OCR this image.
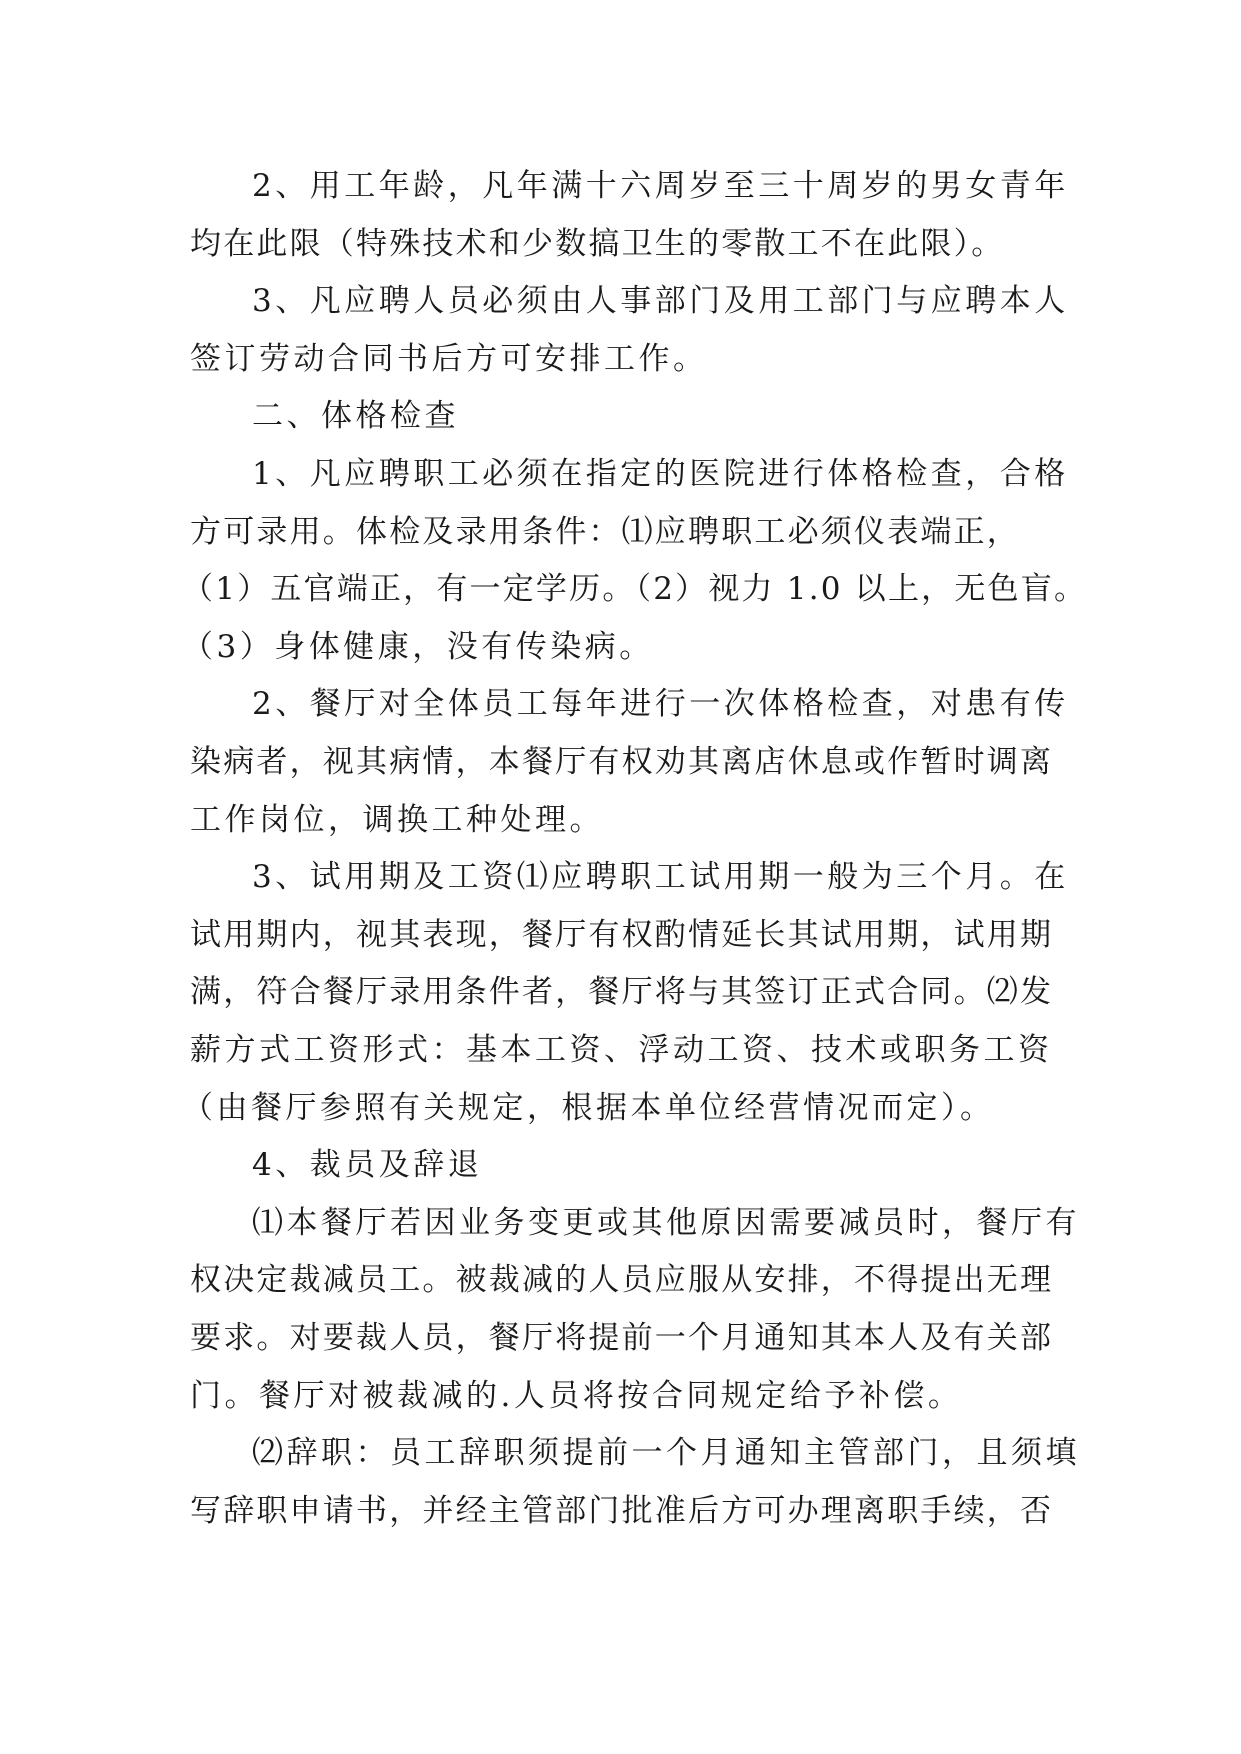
2、用工年龄，凡年满十六周岁至三十周岁的男女青年
均在此限（特殊技术和少数搞卫生的零散工不在此限）。
3、凡应聘人员必须由人事部门及用工部门与应聘本人
签订劳动合同书后方可安排工作。
二、体格检查
1、凡应聘职工必须在指定的医院进行体格检查，合格
方可录用。体检及录用条件：⑴应聘职工必须仪表端正，
（1）五官端正，有一定学历。（2）视力 1.0 以上，无色盲。
（3）身体健康，没有传染病。
2、餐厅对全体员工每年进行一次体格检查，对患有传
染病者，视其病情，本餐厅有权劝其离店休息或作暂时调离
工作岗位，调换工种处理。
3、试用期及工资⑴应聘职工试用期一般为三个月。在
试用期内，视其表现，餐厅有权酌情延长其试用期，试用期
满，符合餐厅录用条件者，餐厅将与其签订正式合同。⑵发
薪方式工资形式：基本工资、浮动工资、技术或职务工资
（由餐厅参照有关规定，根据本单位经营情况而定）。
4、裁员及辞退
⑴本餐厅若因业务变更或其他原因需要减员时，餐厅有
权决定裁减员工。被裁减的人员应服从安排，不得提出无理
要求。对要裁人员，餐厅将提前一个月通知其本人及有关部
门。餐厅对被裁减的.人员将按合同规定给予补偿。
⑵辞职：员工辞职须提前一个月通知主管部门，且须填
写辞职申请书，并经主管部门批准后方可办理离职手续，否
